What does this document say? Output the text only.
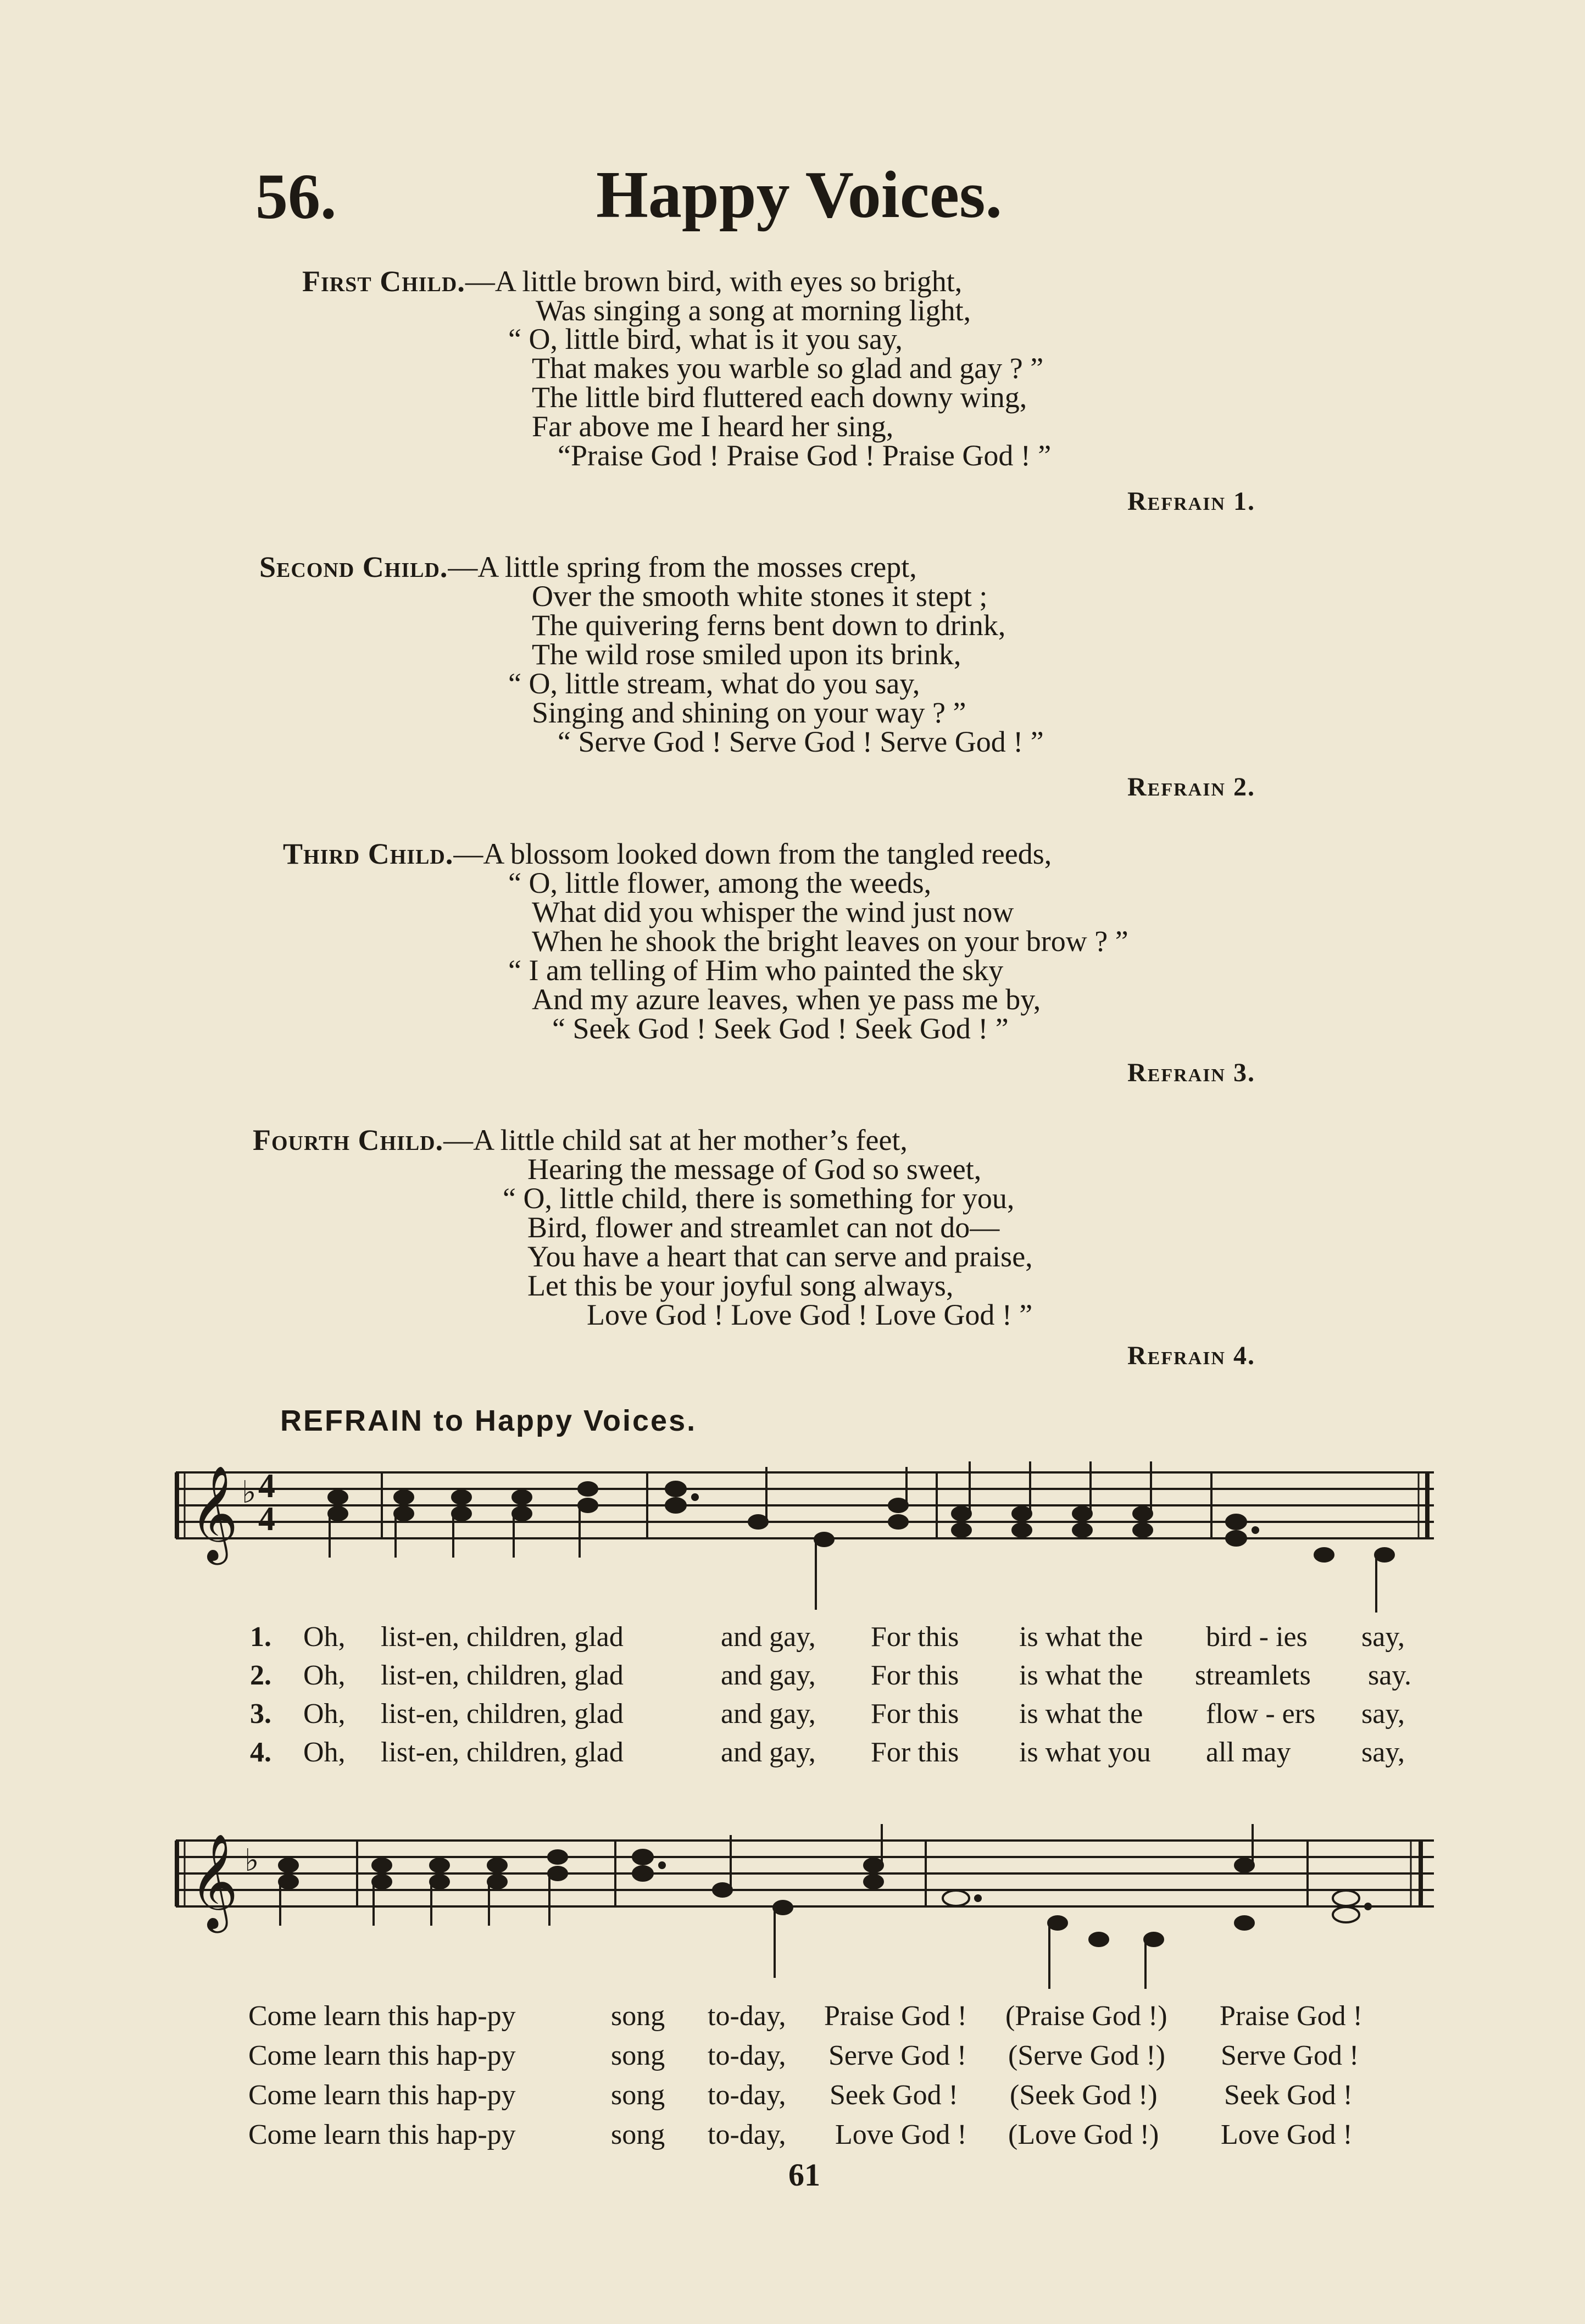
56.	Happy Voices.
First Child.—A little brown bird, with eyes so bright,
Was singing a song at morning light,
“ O, little bird, what is it you say,
That makes you warble so glad and gay ? ”
The little bird fluttered each downy wing,
Far above me I heard her sing,
“Praise God ! Praise God ! Praise God ! ”
Refrain 1.
Second Child.—A little spring from the mosses crept,
Over the smooth white stones it stept ;
The quivering ferns bent down to drink,
The wild rose smiled upon its brink,
“ O, little stream, what do you say,
Singing and shining on your way ? ”
“ Serve God ! Serve God ! Serve God ! ”
Refrain 2.
Third Child.—A blossom looked down from the tangled reeds,
“ O, little flower, among the weeds,
What did you whisper the wind just now
When he shook the bright leaves on your brow ? ”
“ I am telling of Him who painted the sky
And my azure leaves, when ye pass me by,
“ Seek God ! Seek God ! Seek God ! ”
Refrain 3.
Fourth Child.—A little child sat at her mother’s feet,
Hearing the message of God so sweet,
“ O, little child, there is something for you,
Bird, flower and streamlet can not do—
You have a heart that can serve and praise,
Let this be your joyful song always,
Love God ! Love God ! Love God ! ”
Refrain 4.
REFRAIN to Happy Voices.
𝄞 ♭ 4
4
1. Oh, list-en, children, glad	and gay, For this is what the bird - ies say,
2. Oh, list-en, children, glad	and gay, For this is what the streamlets say.
3. Oh, list-en, children, glad	and gay, For this is what the flow - ers say,
4. Oh, list-en, children, glad	and gay, For this is what you all may say,
𝄞 ♭
Come learn this hap-py	song to-day, Praise God ! (Praise God !) Praise God !
Come learn this hap-py	song to-day, Serve God ! (Serve God !) Serve God !
Come learn this hap-py	song to-day, Seek God ! (Seek God !) Seek God !
Come learn this hap-py	song to-day, Love God ! (Love God !) Love God !
61
